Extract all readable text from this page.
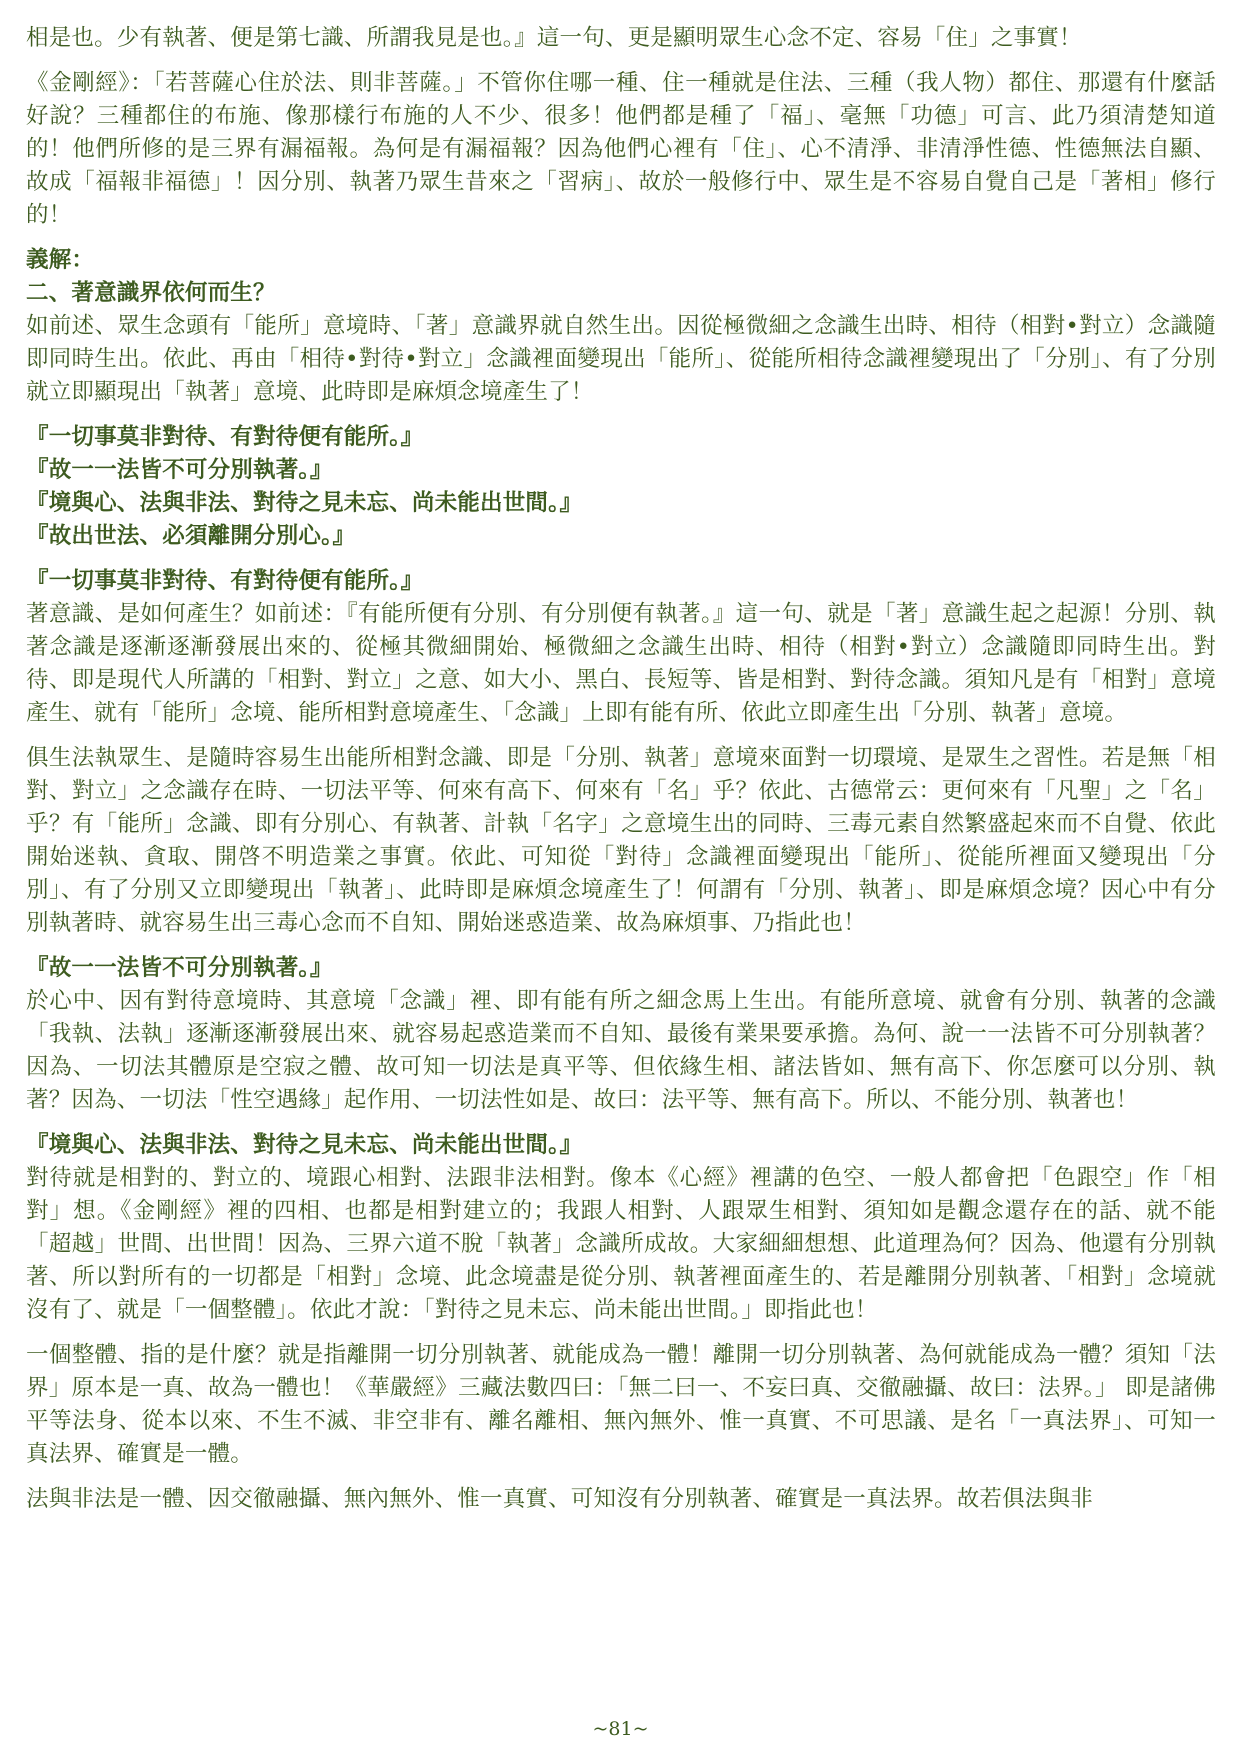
相是也。少有執著、便是第七識、所謂我見是也。』這一句、更是顯明眾生心念不定、容易「住」之事實！

《金剛經》：「若菩薩心住於法、則非菩薩。」不管你住哪一種、住一種就是住法、三種（我人物）都住、那還有什麼話好說？三種都住的布施、像那樣行布施的人不少、很多！他們都是種了「福」、毫無「功德」可言、此乃須清楚知道的！他們所修的是三界有漏福報。為何是有漏福報？因為他們心裡有「住」、心不清淨、非清淨性德、性德無法自顯、故成「福報非福德」！因分別、執著乃眾生昔來之「習病」、故於一般修行中、眾生是不容易自覺自己是「著相」修行的！

義解：

二、著意識界依何而生？

如前述、眾生念頭有「能所」意境時、「著」意識界就自然生出。因從極微細之念識生出時、相待（相對•對立）念識隨即同時生出。依此、再由「相待•對待•對立」念識裡面變現出「能所」、從能所相待念識裡變現出了「分別」、有了分別就立即顯現出「執著」意境、此時即是麻煩念境產生了！

『一切事莫非對待、有對待便有能所。』

『故一一法皆不可分別執著。』

『境與心、法與非法、對待之見未忘、尚未能出世間。』

『故出世法、必須離開分別心。』

『一切事莫非對待、有對待便有能所。』

著意識、是如何產生？如前述：『有能所便有分別、有分別便有執著。』這一句、就是「著」意識生起之起源！分別、執著念識是逐漸逐漸發展出來的、從極其微細開始、極微細之念識生出時、相待（相對•對立）念識隨即同時生出。對待、即是現代人所講的「相對、對立」之意、如大小、黑白、長短等、皆是相對、對待念識。須知凡是有「相對」意境產生、就有「能所」念境、能所相對意境產生、「念識」上即有能有所、依此立即產生出「分別、執著」意境。

俱生法執眾生、是隨時容易生出能所相對念識、即是「分別、執著」意境來面對一切環境、是眾生之習性。若是無「相對、對立」之念識存在時、一切法平等、何來有高下、何來有「名」乎？依此、古德常云：更何來有「凡聖」之「名」乎？有「能所」念識、即有分別心、有執著、計執「名字」之意境生出的同時、三毒元素自然繁盛起來而不自覺、依此開始迷執、貪取、開啓不明造業之事實。依此、可知從「對待」念識裡面變現出「能所」、從能所裡面又變現出「分別」、有了分別又立即變現出「執著」、此時即是麻煩念境產生了！何謂有「分別、執著」、即是麻煩念境？因心中有分別執著時、就容易生出三毒心念而不自知、開始迷惑造業、故為麻煩事、乃指此也！

『故一一法皆不可分別執著。』

於心中、因有對待意境時、其意境「念識」裡、即有能有所之細念馬上生出。有能所意境、就會有分別、執著的念識「我執、法執」逐漸逐漸發展出來、就容易起惑造業而不自知、最後有業果要承擔。為何、說一一法皆不可分別執著？因為、一切法其體原是空寂之體、故可知一切法是真平等、但依緣生相、諸法皆如、無有高下、你怎麼可以分別、執著？因為、一切法「性空遇緣」起作用、一切法性如是、故曰：法平等、無有高下。所以、不能分別、執著也！

『境與心、法與非法、對待之見未忘、尚未能出世間。』

對待就是相對的、對立的、境跟心相對、法跟非法相對。像本《心經》裡講的色空、一般人都會把「色跟空」作「相對」想。《金剛經》裡的四相、也都是相對建立的；我跟人相對、人跟眾生相對、須知如是觀念還存在的話、就不能「超越」世間、出世間！因為、三界六道不脫「執著」念識所成故。大家細細想想、此道理為何？因為、他還有分別執著、所以對所有的一切都是「相對」念境、此念境盡是從分別、執著裡面產生的、若是離開分別執著、「相對」念境就沒有了、就是「一個整體」。依此才說：「對待之見未忘、尚未能出世間。」即指此也！

一個整體、指的是什麼？就是指離開一切分別執著、就能成為一體！離開一切分別執著、為何就能成為一體？須知「法界」原本是一真、故為一體也！《華嚴經》三藏法數四曰：「無二曰一、不妄曰真、交徹融攝、故曰：法界。」 即是諸佛平等法身、從本以來、不生不滅、非空非有、離名離相、無內無外、惟一真實、不可思議、是名「一真法界」、可知一真法界、確實是一體。

法與非法是一體、因交徹融攝、無內無外、惟一真實、可知沒有分別執著、確實是一真法界。故若俱法與非

~81~
